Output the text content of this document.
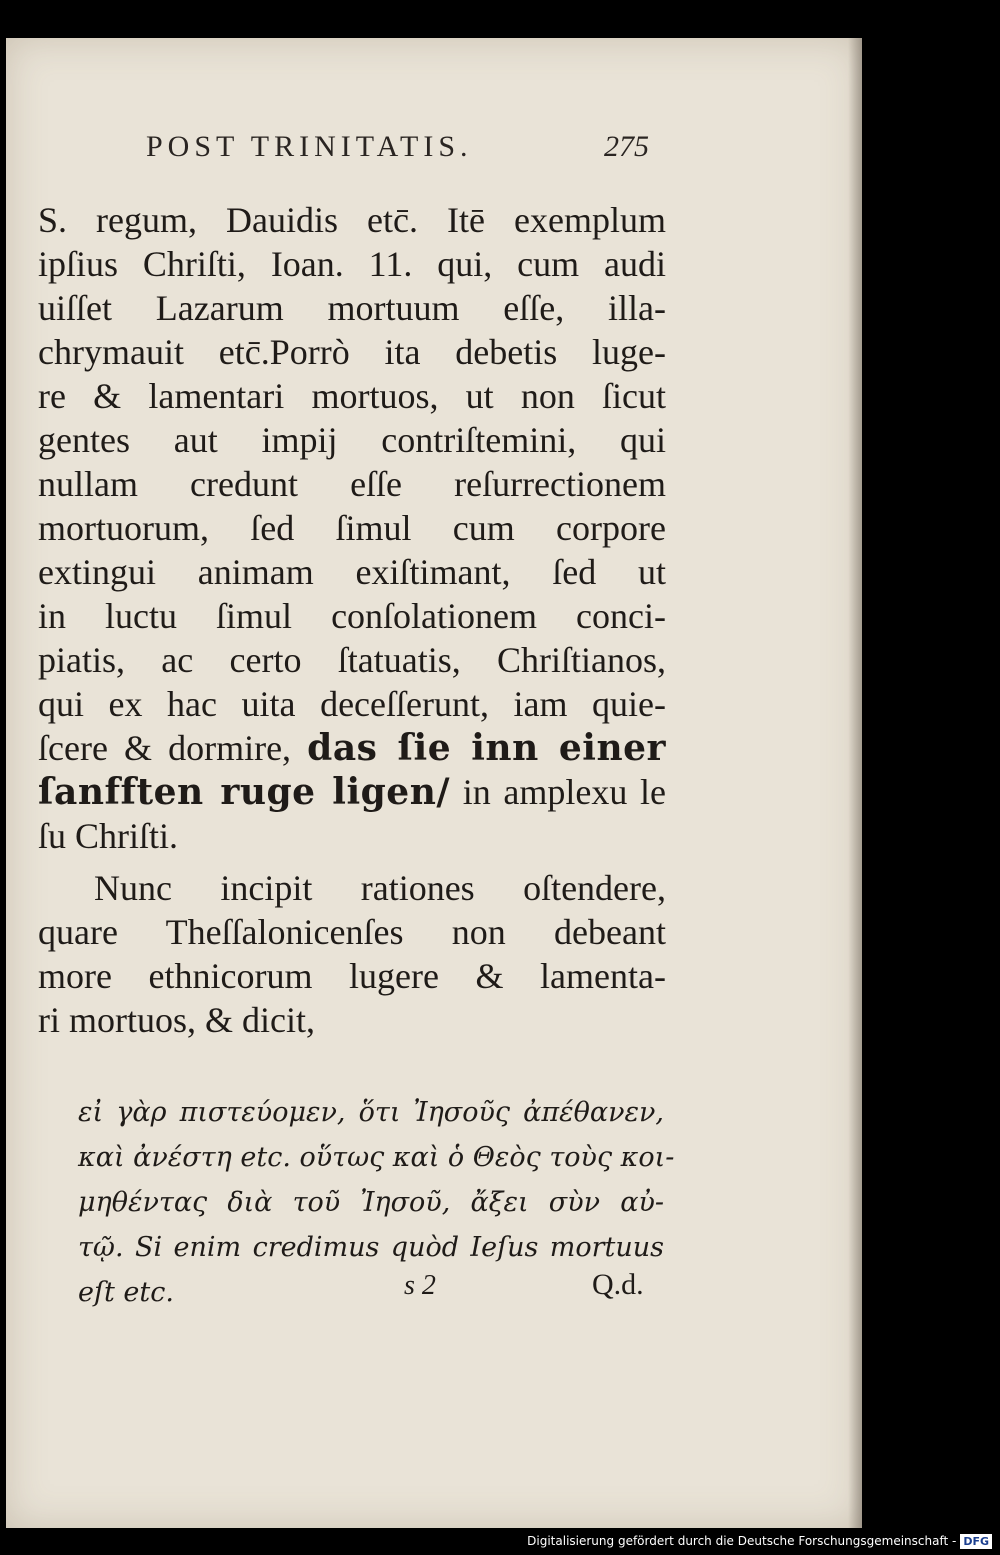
POST TRINITATIS.	275
S. regum, Dauidis etc̄. Itē exemplum
ipſius Chriſti, Ioan. 11. qui, cum audi
uiſſet Lazarum mortuum eſſe, illa-
chrymauit etc̄.Porrò ita debetis luge-
re & lamentari mortuos, ut non ſicut
gentes aut impij contriſtemini, qui
nullam credunt eſſe reſurrectionem
mortuorum, ſed ſimul cum corpore
extingui animam exiſtimant, ſed ut
in luctu ſimul conſolationem conci-
piatis, ac certo ſtatuatis, Chriſtianos,
qui ex hac uita deceſſerunt, iam quie-
ſcere & dormire, das ſie inn einer
ſanfften ruge ligen/ in amplexu le
ſu Chriſti.
Nunc incipit rationes oſtendere,
quare Theſſalonicenſes non debeant
more ethnicorum lugere & lamenta-
ri mortuos, & dicit,
εἰ γὰρ πιστεύομεν, ὅτι Ἰησοῦς ἀπέθανεν,
καὶ ἀνέστη etc. οὕτως καὶ ὁ Θεὸς τοὺς κοι-
μηθέντας διὰ τοῦ Ἰησοῦ, ἄξει σὺν αὐ-
τῷ. Si enim credimus quòd Ieſus mortuus
eſt etc.	s 2	Q.d.
Digitalisierung gefördert durch die Deutsche Forschungsgemeinschaft - DFG
